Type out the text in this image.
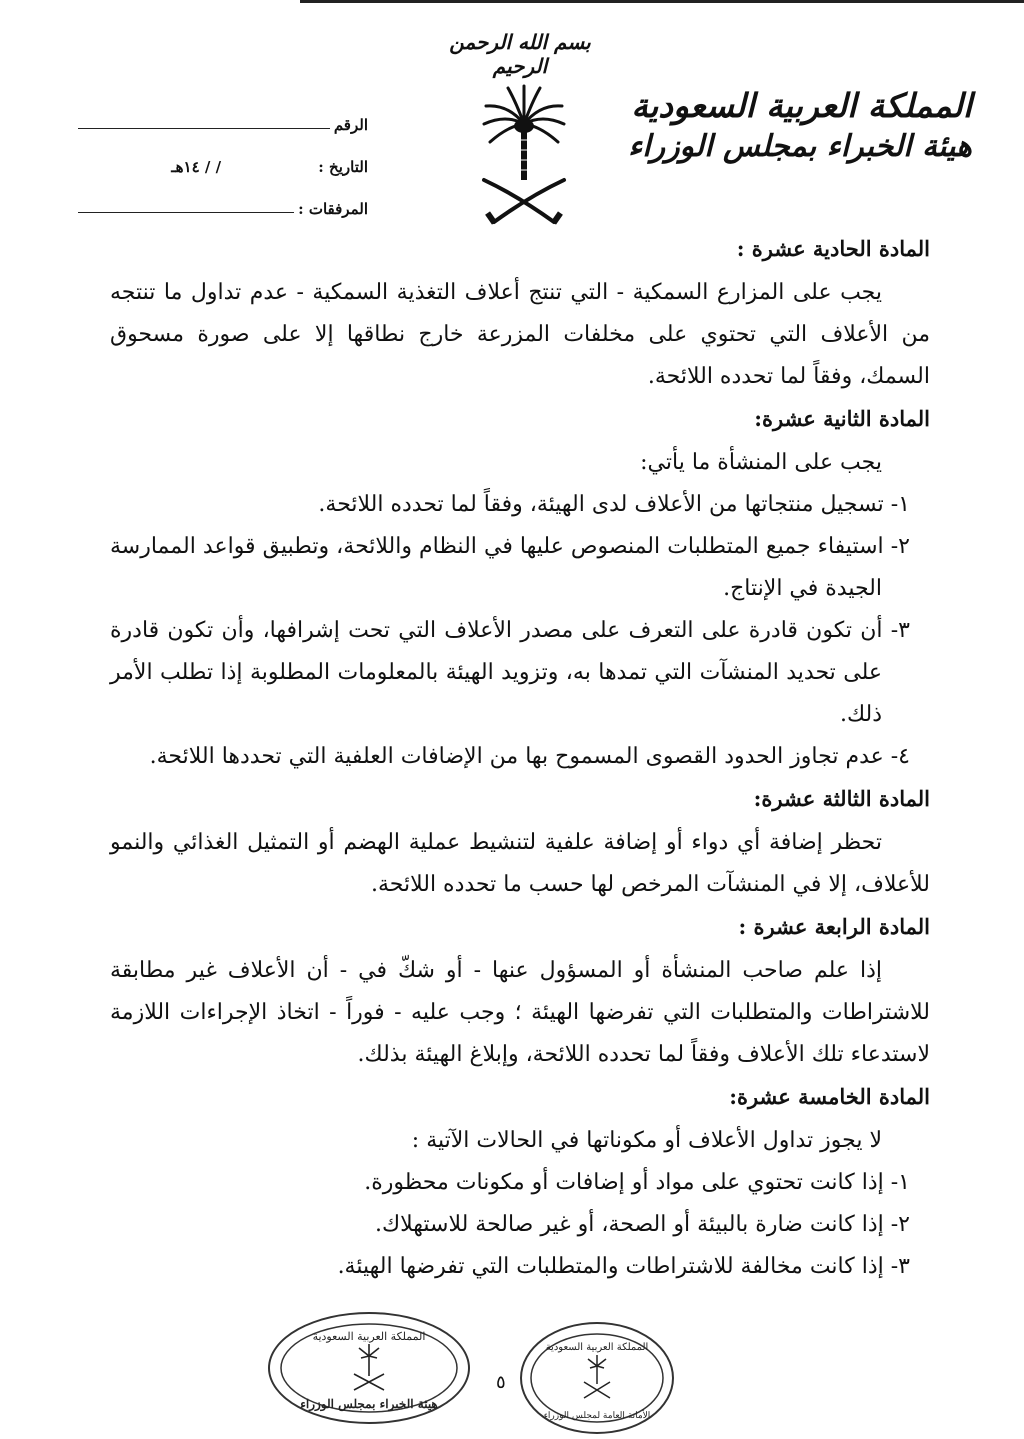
بسم الله الرحمن الرحيم
المملكة العربية السعودية
هيئة الخبراء بمجلس الوزراء
الرقم
التاريخ :
/ / ١٤هـ
المرفقات :
المادة الحادية عشرة :

يجب على المزارع السمكية - التي تنتج أعلاف التغذية السمكية - عدم تداول ما تنتجه من الأعلاف التي تحتوي على مخلفات المزرعة خارج نطاقها إلا على صورة مسحوق السمك، وفقاً لما تحدده اللائحة.

المادة الثانية عشرة:

يجب على المنشأة ما يأتي:

١- تسجيل منتجاتها من الأعلاف لدى الهيئة، وفقاً لما تحدده اللائحة.

٢- استيفاء جميع المتطلبات المنصوص عليها في النظام واللائحة، وتطبيق قواعد الممارسة الجيدة في الإنتاج.

٣- أن تكون قادرة على التعرف على مصدر الأعلاف التي تحت إشرافها، وأن تكون قادرة على تحديد المنشآت التي تمدها به، وتزويد الهيئة بالمعلومات المطلوبة إذا تطلب الأمر ذلك.

٤- عدم تجاوز الحدود القصوى المسموح بها من الإضافات العلفية التي تحددها اللائحة.

المادة الثالثة عشرة:

تحظر إضافة أي دواء أو إضافة علفية لتنشيط عملية الهضم أو التمثيل الغذائي والنمو للأعلاف، إلا في المنشآت المرخص لها حسب ما تحدده اللائحة.

المادة الرابعة عشرة :

إذا علم صاحب المنشأة أو المسؤول عنها - أو شكّ في - أن الأعلاف غير مطابقة للاشتراطات والمتطلبات التي تفرضها الهيئة ؛ وجب عليه - فوراً - اتخاذ الإجراءات اللازمة لاستدعاء تلك الأعلاف وفقاً لما تحدده اللائحة، وإبلاغ الهيئة بذلك.

المادة الخامسة عشرة:

لا يجوز تداول الأعلاف أو مكوناتها في الحالات الآتية :

١- إذا كانت تحتوي على مواد أو إضافات أو مكونات محظورة.

٢- إذا كانت ضارة بالبيئة أو الصحة، أو غير صالحة للاستهلاك.

٣- إذا كانت مخالفة للاشتراطات والمتطلبات التي تفرضها الهيئة.

٥
المملكة العربية السعودية
هيئة الخبراء بمجلس الوزراء
المملكة العربية السعودية
الأمانة العامة لمجلس الوزراء
